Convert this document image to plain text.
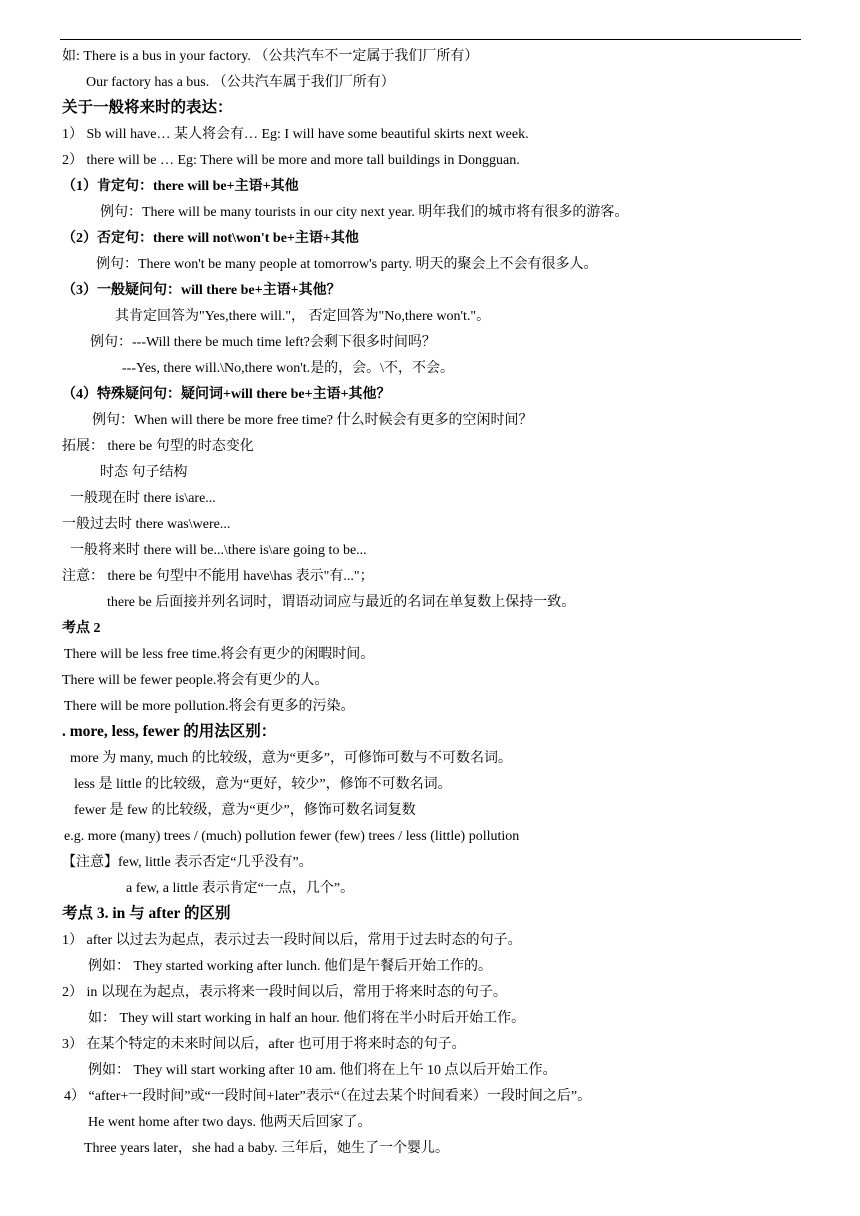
如: There is a bus in your factory. （公共汽车不一定属于我们厂所有）
Our factory has a bus. （公共汽车属于我们厂所有）
关于一般将来时的表达：
1） Sb will have… 某人将会有… Eg: I will have some beautiful skirts next week.
2） there will be … Eg: There will be more and more tall buildings in Dongguan.
（1）肯定句：there will be+主语+其他
例句：There will be many tourists in our city next year. 明年我们的城市将有很多的游客。
（2）否定句：there will not\won't be+主语+其他
例句：There won't be many people at tomorrow's party. 明天的聚会上不会有很多人。
（3）一般疑问句：will there be+主语+其他？
其肯定回答为"Yes,there will."， 否定回答为"No,there won't."。
例句：---Will there be much time left?会剩下很多时间吗？
---Yes, there will.\No,there won't.是的，会。\不，不会。
（4）特殊疑问句：疑问词+will there be+主语+其他？
例句：When will there be more free time? 什么时候会有更多的空闲时间？
拓展： there be 句型的时态变化
时态 句子结构
一般现在时 there is\are...
一般过去时 there was\were...
一般将来时 there will be...\there is\are going to be...
注意： there be 句型中不能用 have\has 表示"有..."；
there be 后面接并列名词时，谓语动词应与最近的名词在单复数上保持一致。
考点 2
There will be less free time.将会有更少的闲暇时间。
There will be fewer people.将会有更少的人。
There will be more pollution.将会有更多的污染。
. more, less, fewer 的用法区别：
more 为 many, much 的比较级，意为“更多”，可修饰可数与不可数名词。
less 是 little 的比较级，意为“更好，较少”，修饰不可数名词。
fewer 是 few 的比较级，意为“更少”，修饰可数名词复数
e.g. more (many) trees / (much) pollution fewer (few) trees / less (little) pollution
【注意】few, little 表示否定“几乎没有”。
a few, a little 表示肯定“一点，几个”。
考点 3. in 与 after 的区别
1） after 以过去为起点，表示过去一段时间以后，常用于过去时态的句子。
例如： They started working after lunch. 他们是午餐后开始工作的。
2） in 以现在为起点，表示将来一段时间以后，常用于将来时态的句子。
如： They will start working in half an hour. 他们将在半小时后开始工作。
3） 在某个特定的未来时间以后，after 也可用于将来时态的句子。
例如： They will start working after 10 am. 他们将在上午 10 点以后开始工作。
4） “after+一段时间”或“一段时间+later”表示“（在过去某个时间看来）一段时间之后”。
He went home after two days. 他两天后回家了。
Three years later，she had a baby. 三年后，她生了一个婴儿。
